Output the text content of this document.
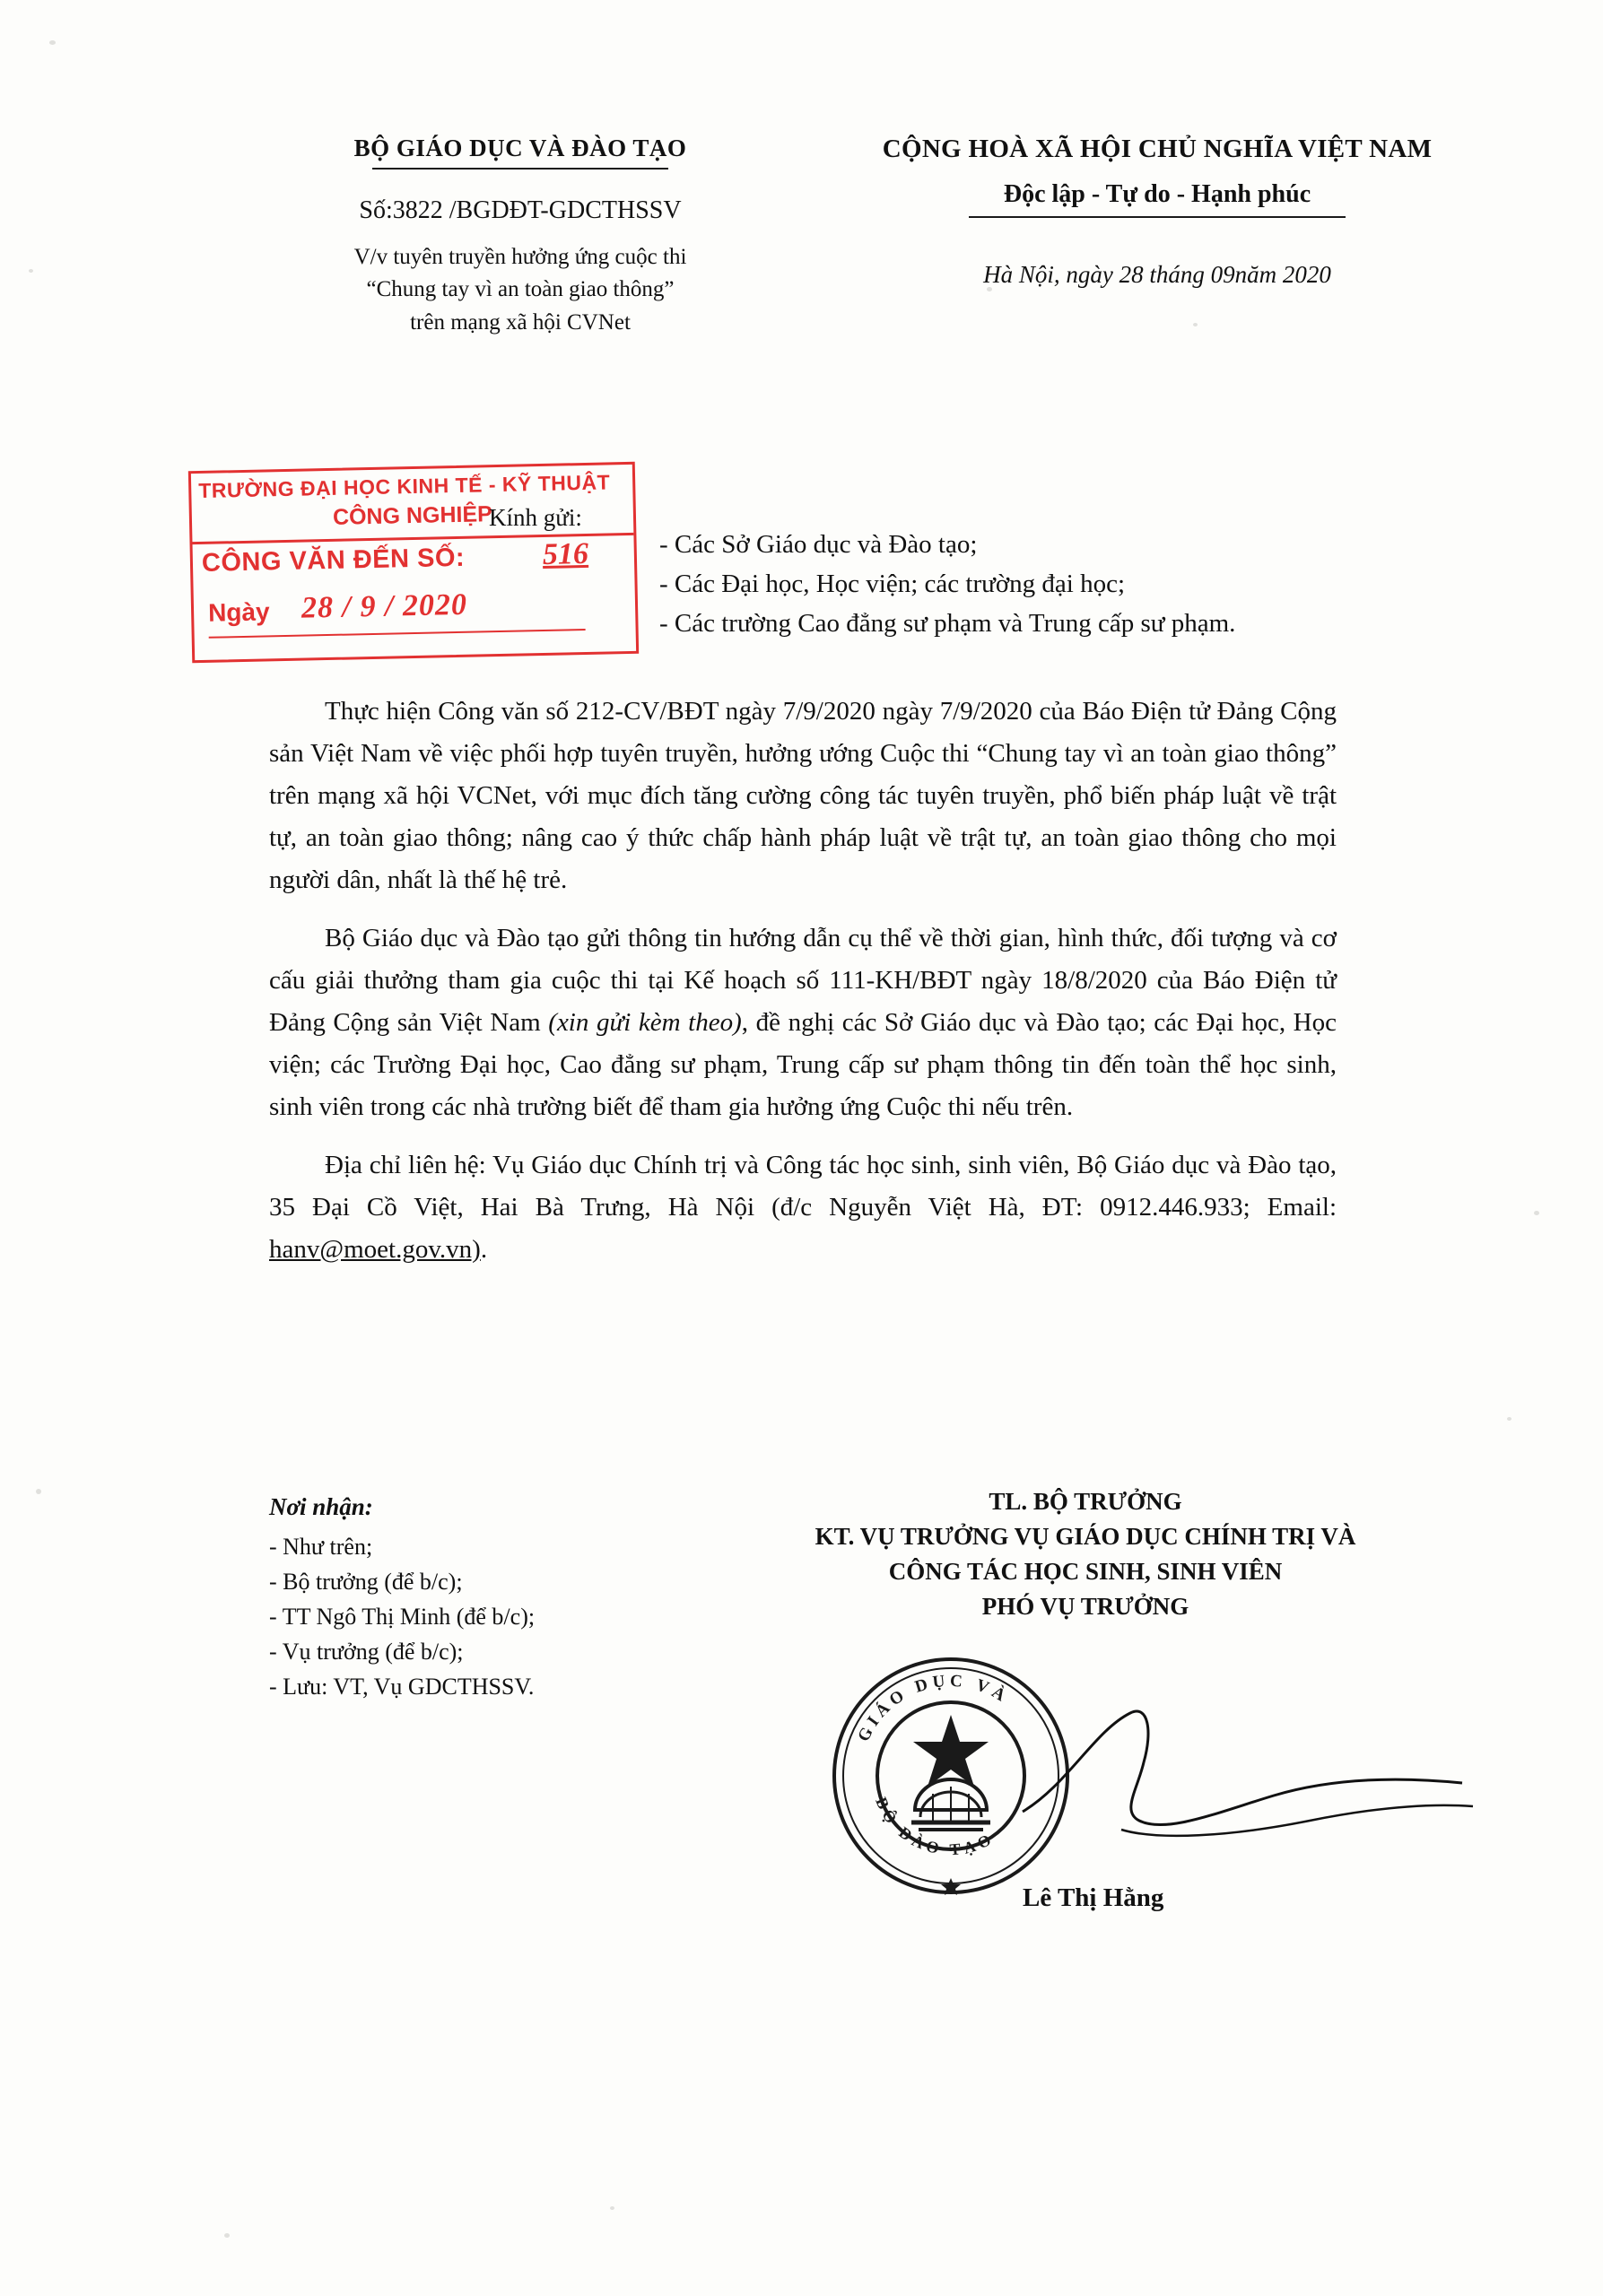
BỘ GIÁO DỤC VÀ ĐÀO TẠO
Số:3822 /BGDĐT-GDCTHSSV
V/v tuyên truyền hưởng ứng cuộc thi
“Chung tay vì an toàn giao thông”
trên mạng xã hội CVNet
CỘNG HOÀ XÃ HỘI CHỦ NGHĨA VIỆT NAM
Độc lập - Tự do - Hạnh phúc
Hà Nội, ngày 28 tháng 09năm 2020
TRƯỜNG ĐẠI HỌC KINH TẾ - KỸ THUẬT
CÔNG NGHIỆP
CÔNG VĂN ĐẾN SỐ:	516
Ngày 28 / 9 / 2020
Kính gửi:
- Các Sở Giáo dục và Đào tạo;
- Các Đại học, Học viện; các trường đại học;
- Các trường Cao đẳng sư phạm và Trung cấp sư phạm.

Thực hiện Công văn số 212-CV/BĐT ngày 7/9/2020 ngày 7/9/2020 của Báo Điện tử Đảng Cộng sản Việt Nam về việc phối hợp tuyên truyền, hưởng ướng Cuộc thi “Chung tay vì an toàn giao thông” trên mạng xã hội VCNet, với mục đích tăng cường công tác tuyên truyền, phổ biến pháp luật về trật tự, an toàn giao thông; nâng cao ý thức chấp hành pháp luật về trật tự, an toàn giao thông cho mọi người dân, nhất là thế hệ trẻ.

Bộ Giáo dục và Đào tạo gửi thông tin hướng dẫn cụ thể về thời gian, hình thức, đối tượng và cơ cấu giải thưởng tham gia cuộc thi tại Kế hoạch số 111-KH/BĐT ngày 18/8/2020 của Báo Điện tử Đảng Cộng sản Việt Nam (xin gửi kèm theo), đề nghị các Sở Giáo dục và Đào tạo; các Đại học, Học viện; các Trường Đại học, Cao đẳng sư phạm, Trung cấp sư phạm thông tin đến toàn thể học sinh, sinh viên trong các nhà trường biết để tham gia hưởng ứng Cuộc thi nếu trên.

Địa chỉ liên hệ: Vụ Giáo dục Chính trị và Công tác học sinh, sinh viên, Bộ Giáo dục và Đào tạo, 35 Đại Cồ Việt, Hai Bà Trưng, Hà Nội (đ/c Nguyễn Việt Hà, ĐT: 0912.446.933; Email: hanv@moet.gov.vn).

Nơi nhận:
- Như trên;
- Bộ trưởng (để b/c);
- TT Ngô Thị Minh (để b/c);
- Vụ trưởng (để b/c);
- Lưu: VT, Vụ GDCTHSSV.
TL. BỘ TRƯỞNG
KT. VỤ TRƯỞNG VỤ GIÁO DỤC CHÍNH TRỊ VÀ
CÔNG TÁC HỌC SINH, SINH VIÊN
PHÓ VỤ TRƯỞNG
GIÁO DỤC VÀ
BỘ ĐÀO TẠO
Lê Thị Hằng
